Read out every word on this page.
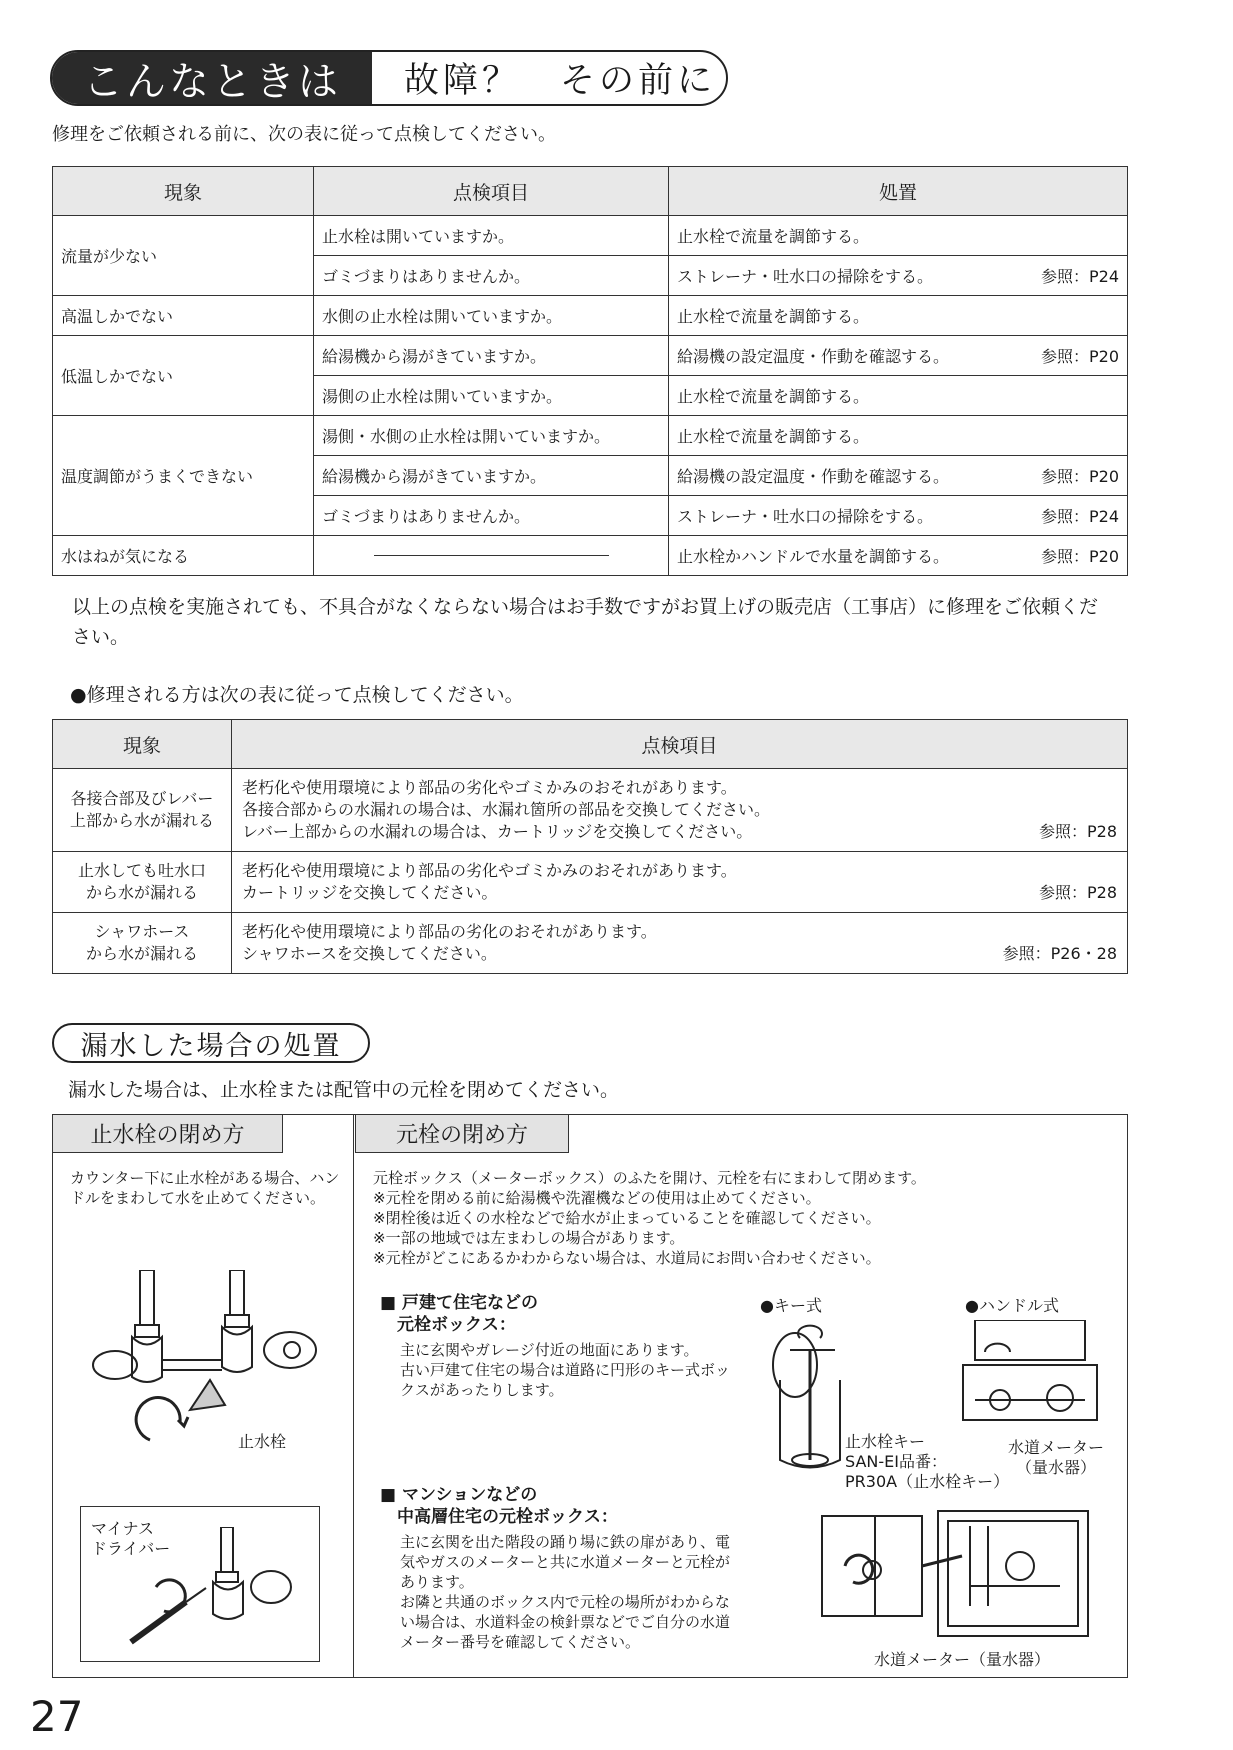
こんなときは	故障？　その前に
修理をご依頼される前に、次の表に従って点検してください。
現象	点検項目	処置
流量が少ない	止水栓は開いていますか。	止水栓で流量を調節する。
	ゴミづまりはありませんか。	ストレーナ・吐水口の掃除をする。 参照：P24

高温しかでない	水側の止水栓は開いていますか。	止水栓で流量を調節する。
低温しかでない	給湯機から湯がきていますか。	給湯機の設定温度・作動を確認する。 参照：P20

	湯側の止水栓は開いていますか。	止水栓で流量を調節する。
温度調節がうまくできない	湯側・水側の止水栓は開いていますか。	止水栓で流量を調節する。
	給湯機から湯がきていますか。	給湯機の設定温度・作動を確認する。 参照：P20

	ゴミづまりはありませんか。	ストレーナ・吐水口の掃除をする。 参照：P24

水はねが気になる		止水栓かハンドルで水量を調節する。 参照：P20
以上の点検を実施されても、不具合がなくならない場合はお手数ですがお買上げの販売店（工事店）に修理をご依頼ください。
●修理される方は次の表に従って点検してください。
現象	点検項目
各接合部及びレバー
上部から水が漏れる	老朽化や使用環境により部品の劣化やゴミかみのおそれがあります。
各接合部からの水漏れの場合は、水漏れ箇所の部品を交換してください。
レバー上部からの水漏れの場合は、カートリッジを交換してください。 参照：P28

止水しても吐水口
から水が漏れる	老朽化や使用環境により部品の劣化やゴミかみのおそれがあります。
カートリッジを交換してください。 参照：P28

シャワホース
から水が漏れる	老朽化や使用環境により部品の劣化のおそれがあります。
シャワホースを交換してください。 参照：P26・28
漏水した場合の処置
漏水した場合は、止水栓または配管中の元栓を閉めてください。
止水栓の閉め方	元栓の閉め方
カウンター下に止水栓がある場合、ハンドルをまわして水を止めてください。
止水栓
マイナス
ドライバー
元栓ボックス（メーターボックス）のふたを開け、元栓を右にまわして閉めます。
※元栓を閉める前に給湯機や洗濯機などの使用は止めてください。
※閉栓後は近くの水栓などで給水が止まっていることを確認してください。
※一部の地域では左まわしの場合があります。
※元栓がどこにあるかわからない場合は、水道局にお問い合わせください。
■ 戸建て住宅などの
　元栓ボックス：
主に玄関やガレージ付近の地面にあります。
古い戸建て住宅の場合は道路に円形のキー式ボックスがあったりします。
●キー式	●ハンドル式
止水栓キー
SAN-EI品番：
PR30A（止水栓キー）
水道メーター
（量水器）
■ マンションなどの
　中高層住宅の元栓ボックス：
主に玄関を出た階段の踊り場に鉄の扉があり、電気やガスのメーターと共に水道メーターと元栓があります。
お隣と共通のボックス内で元栓の場所がわからない場合は、水道料金の検針票などでご自分の水道メーター番号を確認してください。
水道メーター（量水器）
27
